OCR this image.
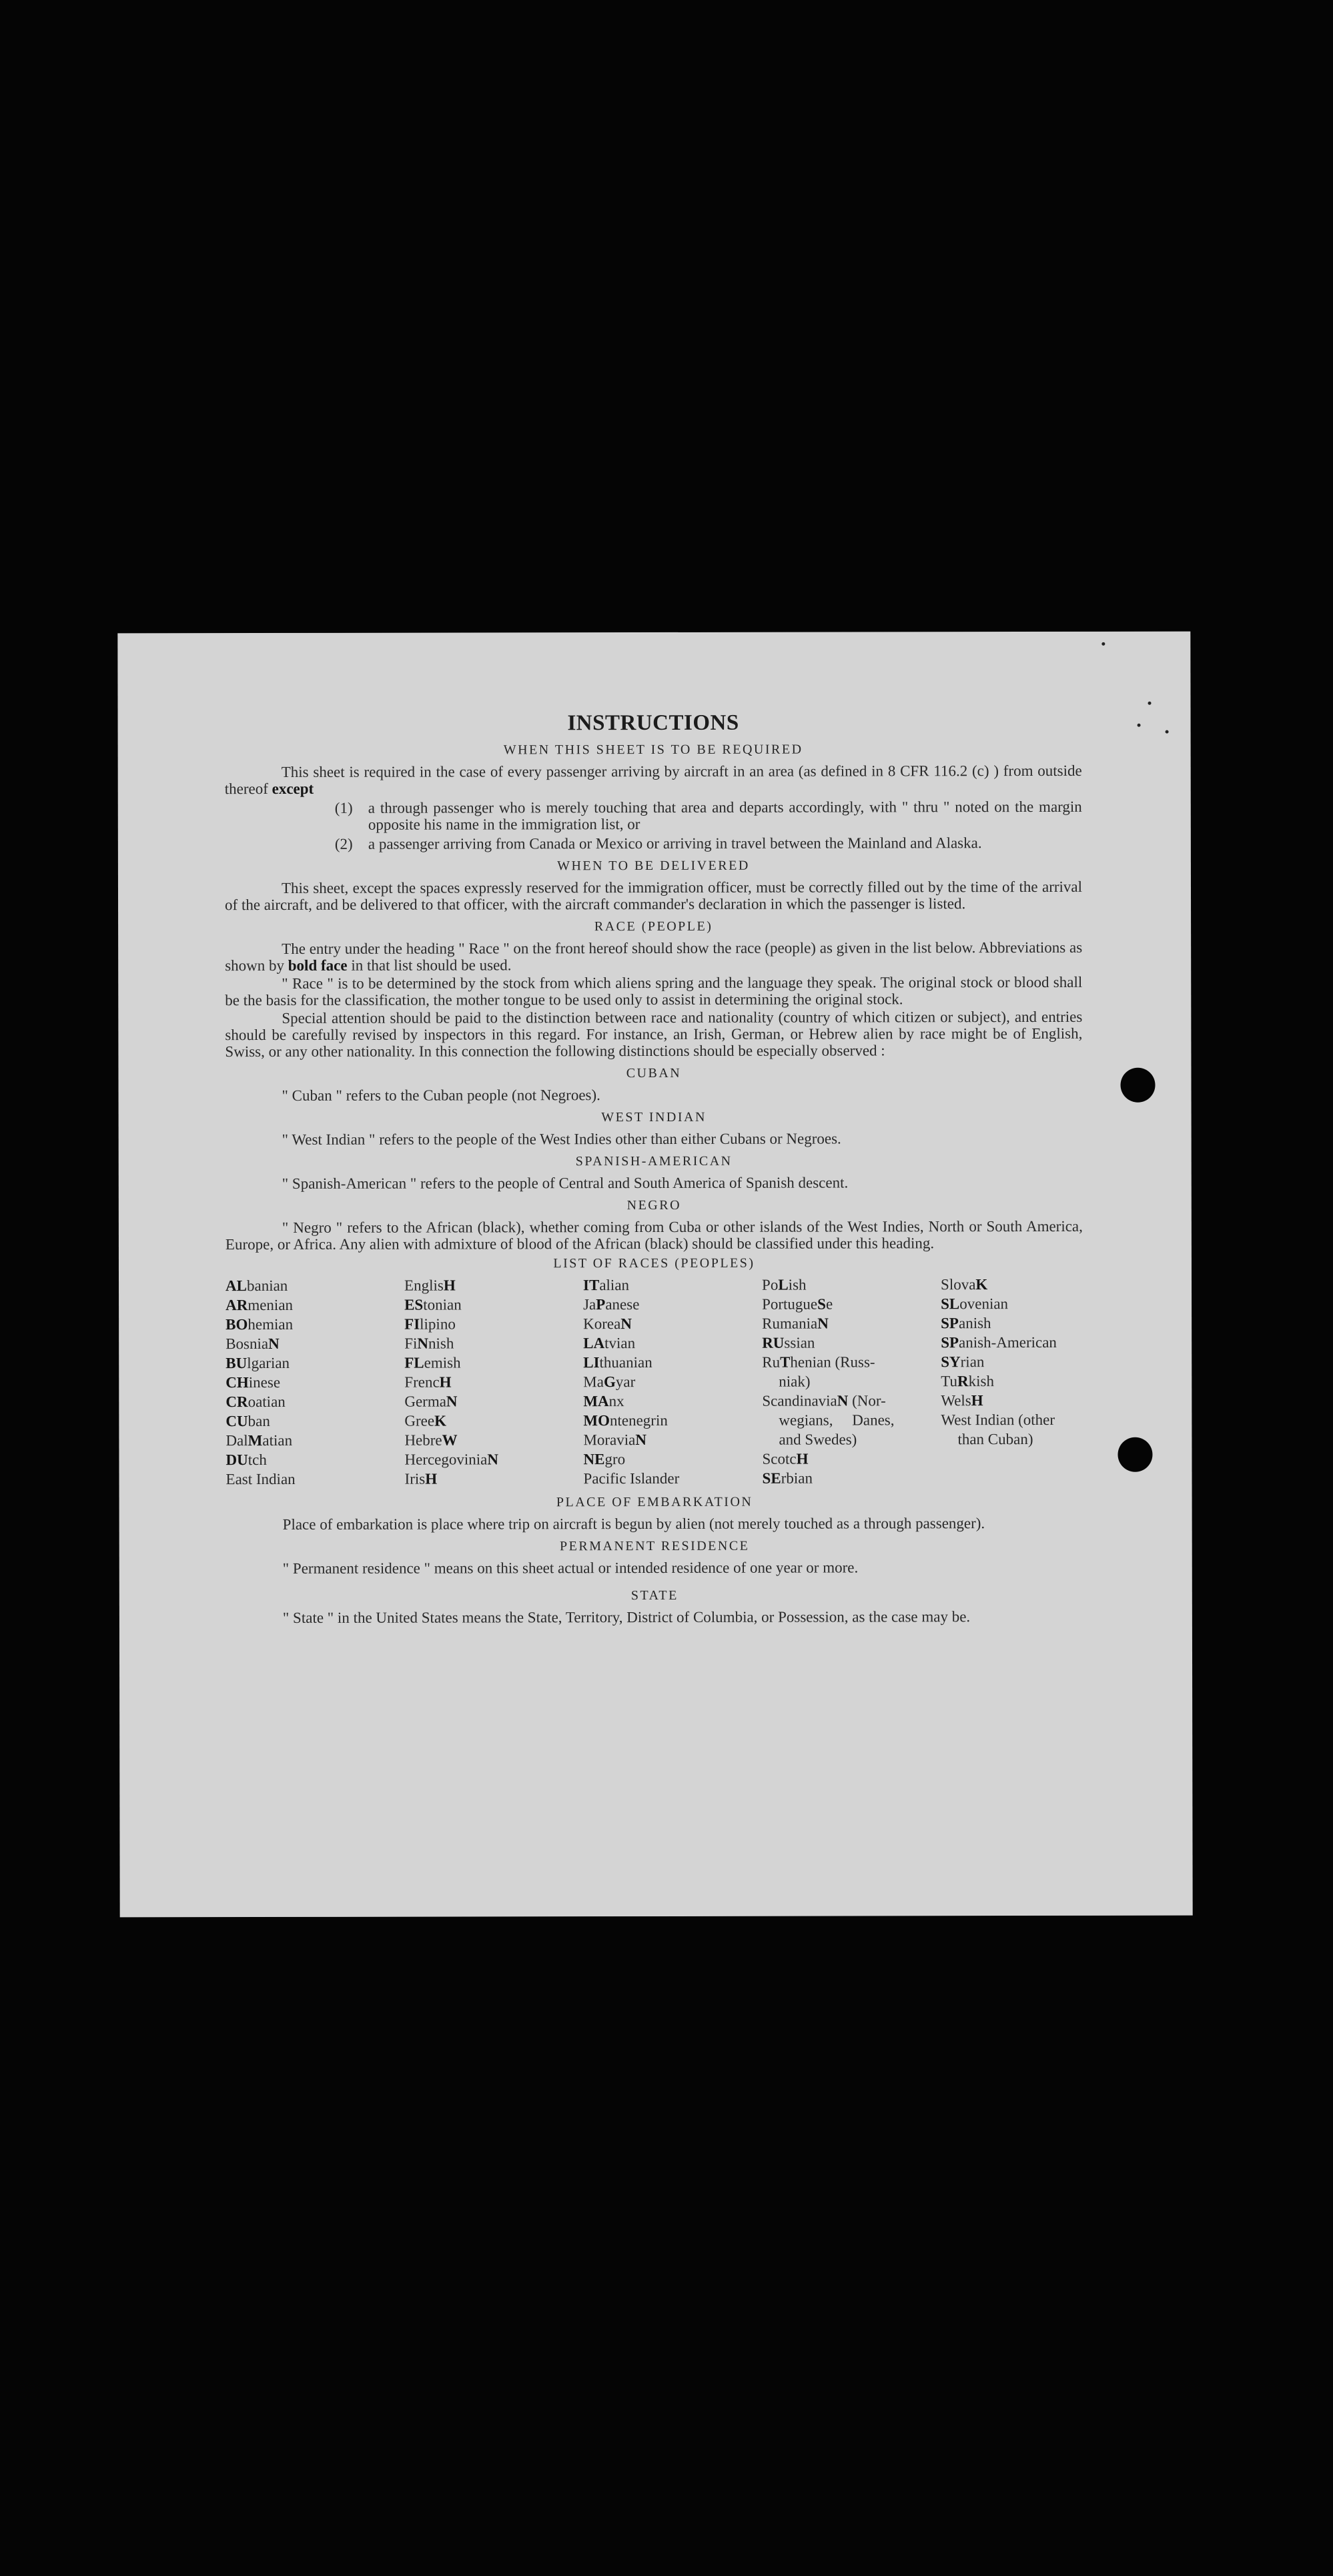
INSTRUCTIONS
WHEN THIS SHEET IS TO BE REQUIRED
This sheet is required in the case of every passenger arriving by aircraft in an area (as defined in 8 CFR 116.2 (c) ) from outside thereof except
(1)	a through passenger who is merely touching that area and departs accordingly, with " thru " noted on the margin opposite his name in the immigration list, or
(2)	a passenger arriving from Canada or Mexico or arriving in travel between the Mainland and Alaska.
WHEN TO BE DELIVERED
This sheet, except the spaces expressly reserved for the immigration officer, must be correctly filled out by the time of the arrival of the aircraft, and be delivered to that officer, with the aircraft commander's declaration in which the passenger is listed.
RACE (PEOPLE)
The entry under the heading " Race " on the front hereof should show the race (people) as given in the list below. Abbreviations as shown by bold face in that list should be used.
" Race " is to be determined by the stock from which aliens spring and the language they speak. The original stock or blood shall be the basis for the classification, the mother tongue to be used only to assist in determining the original stock.
Special attention should be paid to the distinction between race and nationality (country of which citizen or subject), and entries should be carefully revised by inspectors in this regard. For instance, an Irish, German, or Hebrew alien by race might be of English, Swiss, or any other nationality. In this connection the following distinctions should be especially observed :
CUBAN
" Cuban " refers to the Cuban people (not Negroes).
WEST INDIAN
" West Indian " refers to the people of the West Indies other than either Cubans or Negroes.
SPANISH-AMERICAN
" Spanish-American " refers to the people of Central and South America of Spanish descent.
NEGRO
" Negro " refers to the African (black), whether coming from Cuba or other islands of the West Indies, North or South America, Europe, or Africa. Any alien with admixture of blood of the African (black) should be classified under this heading.
LIST OF RACES (PEOPLES)
ALbanian
ARmenian
BOhemian
BosniaN
BUlgarian
CHinese
CRoatian
CUban
DalMatian
DUtch
East Indian
EnglisH
EStonian
FIlipino
FiNnish
FLemish
FrencH
GermaN
GreeK
HebreW
HercegoviniaN
IrisH
ITalian
JaPanese
KoreaN
LAtvian
LIthuanian
MaGyar
MAnx
MOntenegrin
MoraviaN
NEgro
Pacific Islander
PoLish
PortugueSe
RumaniaN
RUssian
RuThenian (Russ-
niak)
ScandinaviaN (Nor-
wegians,     Danes,
and Swedes)
ScotcH
SErbian
SlovaK
SLovenian
SPanish
SPanish-American
SYrian
TuRkish
WelsH
West Indian (other
than Cuban)
PLACE OF EMBARKATION
Place of embarkation is place where trip on aircraft is begun by alien (not merely touched as a through passenger).
PERMANENT RESIDENCE
" Permanent residence " means on this sheet actual or intended residence of one year or more.
STATE
" State " in the United States means the State, Territory, District of Columbia, or Possession, as the case may be.
